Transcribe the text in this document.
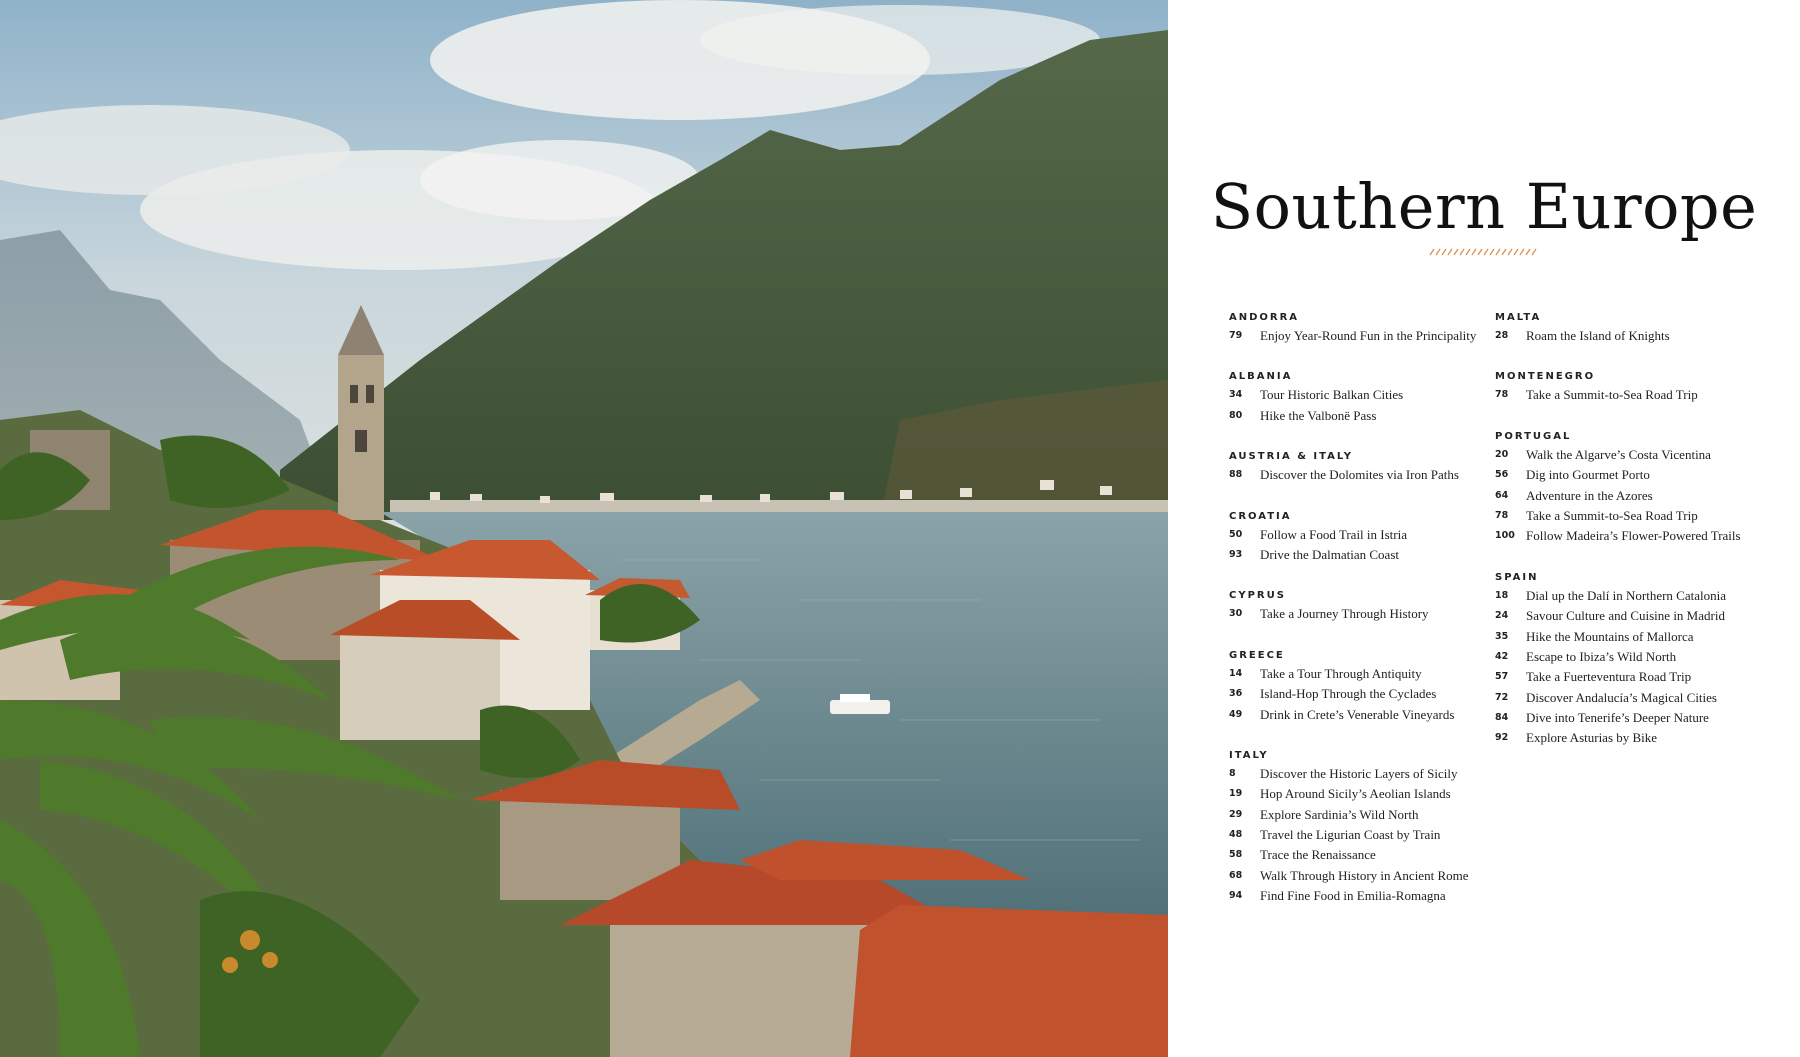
Southern Europe
ANDORRA
79 $^{Enjoy Year-Round Fun in the Principality}$
ALBANIA
34 $^{Tour Historic Balkan Cities}$
80 $^{Hike the Valbonë Pass}$
AUSTRIA & ITALY
88 $^{Discover the Dolomites via Iron Paths}$
CROATIA
50 $^{Follow a Food Trail in Istria}$
93 $^{Drive the Dalmatian Coast}$
CYPRUS
30 $^{Take a Journey Through History}$
GREECE
14 $^{Take a Tour Through Antiquity}$
36 $^{Island-Hop Through the Cyclades}$
49 $^{Drink in Crete’s Venerable Vineyards}$
ITALY
8 $^{Discover the Historic Layers of Sicily}$
19 $^{Hop Around Sicily’s Aeolian Islands}$
29 $^{Explore Sardinia’s Wild North}$
48 $^{Travel the Ligurian Coast by Train}$
58 $^{Trace the Renaissance}$
68 $^{Walk Through History in Ancient Rome}$
94 $^{Find Fine Food in Emilia-Romagna}$
MALTA
28 $^{Roam the Island of Knights}$
MONTENEGRO
78 $^{Take a Summit-to-Sea Road Trip}$
PORTUGAL
20 $^{Walk the Algarve’s Costa Vicentina}$
56 $^{Dig into Gourmet Porto}$
64 $^{Adventure in the Azores}$
78 $^{Take a Summit-to-Sea Road Trip}$
100 $^{Follow Madeira’s Flower-Powered Trails}$
SPAIN
18 $^{Dial up the Dalí in Northern Catalonia}$
24 $^{Savour Culture and Cuisine in Madrid}$
35 $^{Hike the Mountains of Mallorca}$
42 $^{Escape to Ibiza’s Wild North}$
57 $^{Take a Fuerteventura Road Trip}$
72 $^{Discover Andalucía’s Magical Cities}$
84 $^{Dive into Tenerife’s Deeper Nature}$
92 $^{Explore Asturias by Bike}$
